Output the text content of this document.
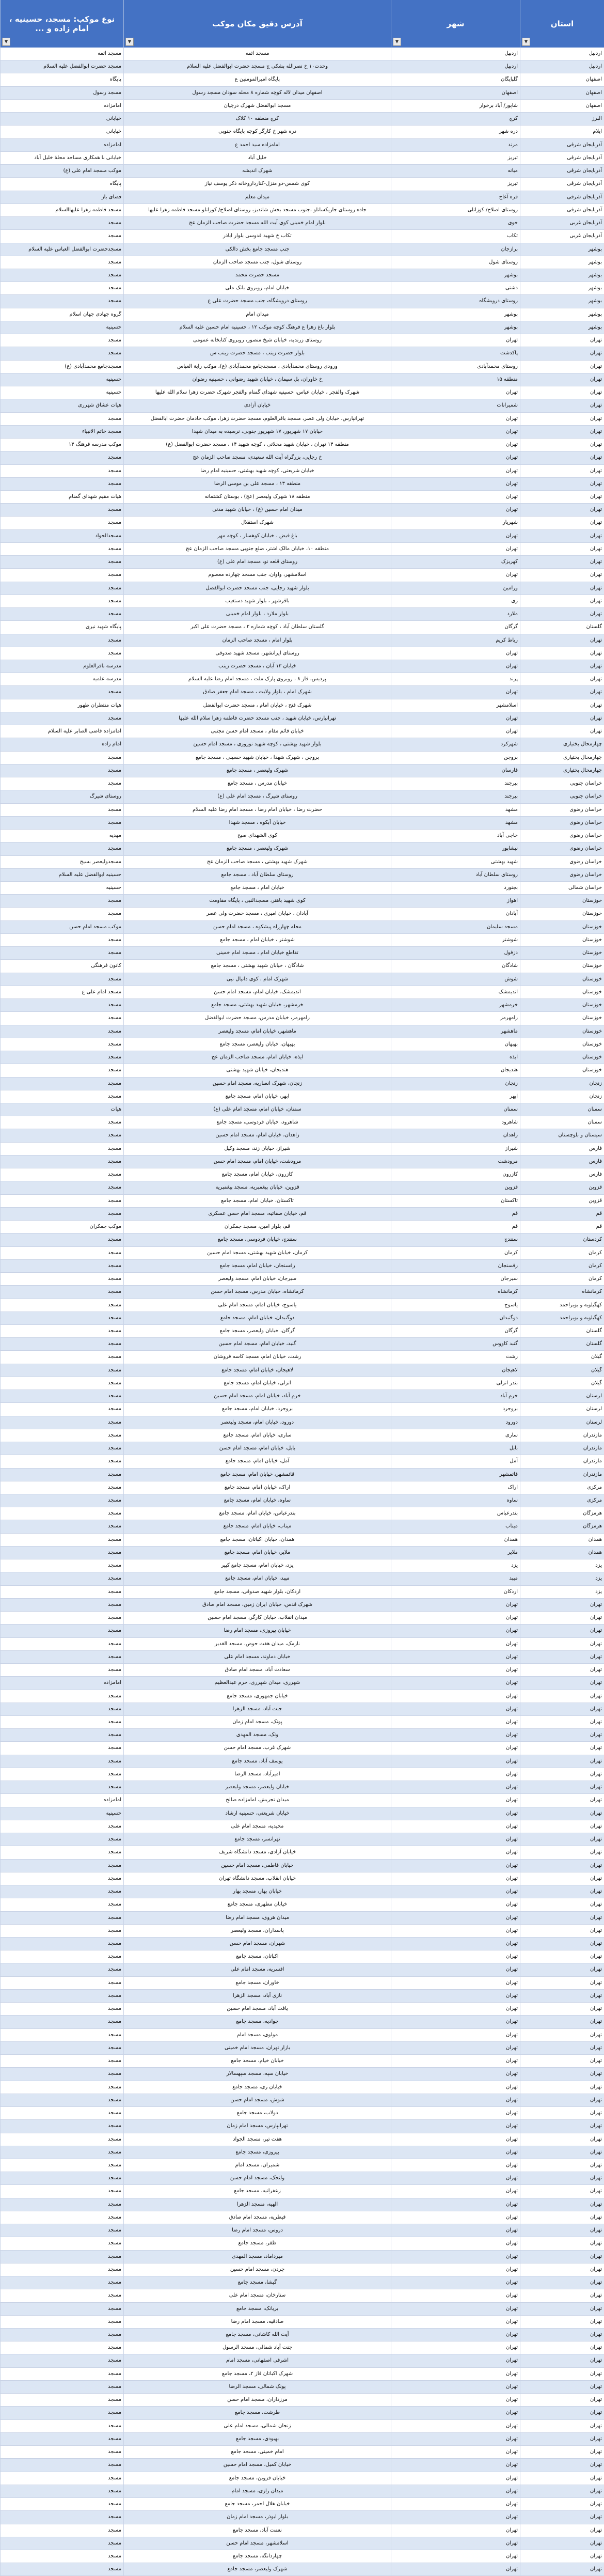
استان
▼
شهر
▼
آدرس دقیق مکان موکب
▼
نوع موکب: مسجد، حسینیه ، امام زاده و ...
▼
اردبیل
اردبیل
مسجد ائمه
مسجد ائمه
اردبیل
اردبیل
وحدت۱۰ خ نصرالله بشکی ج مسجد حضرت ابوالفضل علیه السلام
مسجد حضرت ابوالفضل علیه السلام
اصفهان
گلپایگان
پایگاه امیرالمومنین ع
پایگاه
اصفهان
اصفهان
اصفهان میدان لاله کوچه شماره ۸ محله سودان مسجد رسول
مسجد رسول
اصفهان
شاپور/ آباد برخوار
مسجد ابوالفضل شهرک درچیان
امامزاده
البرز
کرج
کرج منطقه ۱۰ کلاک
خیابانی
ایلام
دره شهر
دره شهر خ کارگر کوچه پایگاه جنوبی
خیابانی
آذربایجان شرقی
مرند
امامزاده سید احمد ع
امامزاده
آذربایجان شرقی
تبریز
خلیل آباد
خیابانی با همکاری مساجد محلهٔ خلیل آباد
آذربایجان شرقی
میانه
شهرک اندیشه
موکب مسجد امام علی (ع)
آذربایجان شرقی
تبریز
کوی شمس-دو منزل-کنارداروخانه ذکر یوسف نیاز
پایگاه
آذربایجان شرقی
قره آغاج
میدان معلم
فضای باز
آذربایجان شرقی
روستای اصلاح/ کوزانلی
جاده روستای جاریکسانلو ،جنوب مسجد بخش شاندیز، روستای اصلاح/ کوزانلو مسجد فاطمه زهرا علیها
مسجد فاطمه زهرا علیهاالسلام
آذربایجان غربی
خوی
بلوار امام خمینی کوی آیت الله مسجد حضرت صاحب الزمان عج
مسجد
آذربایجان غربی
تکاب
تکاب خ شهید قدوسی بلوار اباذر
مسجد
بوشهر
برازجان
جنب مسجد جامع بخش دالکی
مسجدحضرت ابوالفضل العباس علیه السلام
بوشهر
روستای شول
روستای شول، جنب مسجد صاحب الزمان
مسجد
بوشهر
بوشهر
مسجد حضرت محمد
مسجد
بوشهر
دشتی
خیابان امام، روبروی بانک ملی
مسجد
بوشهر
روستای درویشگاه
روستای درویشگاه، جنب مسجد حضرت علی ع
مسجد
بوشهر
بوشهر
میدان امام
گروه جهادی جهان اسلام
بوشهر
بوشهر
بلوار باغ زهرا ع فرهنگ کوچه موکب ۱۲ ، حسینیه امام حسین علیه السلام
حسینیه
تهران
تهران
روستای زرندیه، خیابان شیخ منصور، روبروی کتابخانه عمومی
مسجد
تهران
پاکدشت
بلوار حضرت زینب ، مسجد حضرت زینب س
مسجد
تهران
روستای محمدآبادی
ورودی روستای محمدآبادی ، مسجدجامع محمدآبادی (ع)، موکب رایة العباس
مسجدجامع محمدآبادی (ع)
تهران
منطقه ۱۵
خ خاوران، پل سیمان ، خیابان شهید رضوانی ، حسینیه رضوان
حسینیه
تهران
تهران
شهرک والفجر ، خیابان عباس، حسینیه شهدای گمنام والفجر شهرک حضرت زهرا سلام الله علیها
حسینیه
تهران
شمیرانات
خیابان آزادی
هیات عشاق شهرری
تهران
تهران
تهرانپارس، خیابان ولی عصر، مسجد باقرالعلوم، مسجد حضرت زهرا، موکب خادمان حضرت ابالفضل
مسجد
تهران
تهران
خیابان ۱۷ شهریور، ۱۷ شهریور جنوبی، نرسیده به میدان شهدا
مسجد خاتم الانبیاء
تهران
تهران
منطقه ۱۴ تهران ، خیابان شهید محلاتی ، کوچه شهید ۱۴ ، مسجد حضرت ابوالفضل (ع)
موکب مدرسه فرهنگ ۱۴
تهران
تهران
خ رجایی، بزرگراه آیت الله سعیدی، مسجد صاحب الزمان عج
مسجد
تهران
تهران
خیابان شریعتی، کوچه شهید بهشتی، حسینیه امام رضا
مسجد
تهران
تهران
منطقه ۱۳ ، مسجد علی بن موسی الرضا
مسجد
تهران
تهران
منطقه ۱۸ شهرک ولیعصر (عج) ، بوستان کشتمانه
هیات مقیم شهدای گمنام
تهران
تهران
میدان امام حسین (ع) ، خیابان شهید مدنی
مسجد
تهران
شهریار
شهرک استقلال
مسجد
تهران
تهران
باغ فیض ، خیابان کوهسار ، کوچه مهر
مسجدالجواد
تهران
تهران
منطقه ۱۰، خیابان مالک اشتر، ضلع جنوبی مسجد صاحب الزمان عج
مسجد
تهران
کهریزک
روستای قلعه نو، مسجد امام علی (ع)
مسجد
تهران
تهران
اسلامشهر، واوان، جنب مسجد چهارده معصوم
مسجد
تهران
ورامین
بلوار شهید رجایی، جنب مسجد حضرت ابوالفضل
مسجد
تهران
ری
باقرشهر ، بلوار شهید دستغیب
مسجد
تهران
ملارد
بلوار ملارد ، بلوار امام خمینی
مسجد
گلستان
گرگان
گلستان سلطان آباد ، کوچه شماره ۲ ، مسجد حضرت علی اکبر
پایگاه شهید نیری
تهران
رباط کریم
بلوار امام ، مسجد صاحب الزمان
مسجد
تهران
تهران
روستای ایرانشهر، مسجد شهید صدوقی
مسجد
تهران
تهران
خیابان ۱۳ آبان ، مسجد حضرت زینب
مدرسه باقرالعلوم
تهران
پرند
پردیس، فاز ۸ ، روبروی پارک ملت ، مسجد امام رضا علیه السلام
مدرسه علمیه
تهران
تهران
شهرک امام ، بلوار ولایت ، مسجد امام جعفر صادق
مسجد
تهران
اسلامشهر
شهرک فتح ، خیابان امام ، مسجد حضرت ابوالفضل
هیات منتظران ظهور
تهران
تهران
تهرانپارس، خیابان شهید ، جنب مسجد حضرت فاطمه زهرا سلام الله علیها
مسجد
تهران
تهران
خیابان قائم مقام ، مسجد امام حسن مجتبی
امامزاده قاضی الصابر علیه السلام
چهارمحال بختیاری
شهرکرد
بلوار شهید بهشتی ، کوچه شهید نوروزی ، مسجد امام حسین
امام زاده
چهارمحال بختیاری
بروجن
بروجن ، شهرک شهدا ، خیابان شهید حسینی ، مسجد جامع
مسجد
چهارمحال بختیاری
فارسان
شهرک ولیعصر ، مسجد جامع
مسجد
خراسان جنوبی
بیرجند
خیابان مدرس ، مسجد جامع
مسجد
خراسان جنوبی
بیرجند
روستای شیرگ ، مسجد امام علی (ع)
روستای شیرگ
خراسان رضوی
مشهد
حضرت رضا ، خیابان امام رضا ، مسجد امام رضا علیه السلام
مسجد
خراسان رضوی
مشهد
خیابان آبکوه ، مسجد شهدا
مسجد
خراسان رضوی
حاجی آباد
کوی الشهدای صبح
مهدیه
خراسان رضوی
نیشابور
شهرک ولیعصر ، مسجد جامع
مسجد
خراسان رضوی
شهید بهشتی
شهرک شهید بهشتی ، مسجد صاحب الزمان عج
مسجدولیعصر بسیج
خراسان رضوی
روستای سلطان آباد
روستای سلطان آباد ، مسجد جامع
حسینیه ابوالفضل علیه السلام
خراسان شمالی
بجنورد
خیابان امام ، مسجد جامع
حسینیه
خوزستان
اهواز
کوی شهید باهنر، مسجدالنبی ، پایگاه مقاومت
مسجد
خوزستان
آبادان
آبادان ، خیابان امیری ، مسجد حضرت ولی عصر
مسجد
خوزستان
مسجد سلیمان
محله چهارراه پیشکوه ، مسجد امام حسن
موکب مسجد امام حسن
خوزستان
شوشتر
شوشتر ، خیابان امام ، مسجد جامع
مسجد
خوزستان
دزفول
تقاطع خیابان امام ، مسجد امام خمینی
مسجد
خوزستان
شادگان
شادگان ، خیابان شهید بهشتی ، مسجد جامع
کانون فرهنگی
خوزستان
شوش
شهرک امام ، کوی دانیال نبی
مسجد
خوزستان
اندیمشک
اندیمشک، خیابان امام، مسجد امام حسن
مسجد امام علی ع
خوزستان
خرمشهر
خرمشهر، خیابان شهید بهشتی، مسجد جامع
مسجد
خوزستان
رامهرمز
رامهرمز، خیابان مدرس، مسجد حضرت ابوالفضل
مسجد
خوزستان
ماهشهر
ماهشهر، خیابان امام، مسجد ولیعصر
مسجد
خوزستان
بهبهان
بهبهان، خیابان ولیعصر، مسجد جامع
مسجد
خوزستان
ایذه
ایذه، خیابان امام، مسجد صاحب الزمان عج
مسجد
خوزستان
هندیجان
هندیجان، خیابان شهید بهشتی
مسجد
زنجان
زنجان
زنجان، شهرک انصاریه، مسجد امام حسین
مسجد
زنجان
ابهر
ابهر، خیابان امام، مسجد جامع
مسجد
سمنان
سمنان
سمنان، خیابان امام، مسجد امام علی (ع)
هیات
سمنان
شاهرود
شاهرود، خیابان فردوسی، مسجد جامع
مسجد
سیستان و بلوچستان
زاهدان
زاهدان، خیابان امام، مسجد امام حسین
مسجد
فارس
شیراز
شیراز، خیابان زند، مسجد وکیل
مسجد
فارس
مرودشت
مرودشت، خیابان امام، مسجد امام حسن
مسجد
فارس
کازرون
کازرون، خیابان امام، مسجد جامع
مسجد
قزوین
قزوین
قزوین، خیابان پیغمبریه، مسجد پیغمبریه
مسجد
قزوین
تاکستان
تاکستان، خیابان امام، مسجد جامع
مسجد
قم
قم
قم، خیابان صفائیه، مسجد امام حسن عسکری
مسجد
قم
قم
قم، بلوار امین، مسجد جمکران
موکب جمکران
کردستان
سنندج
سنندج، خیابان فردوسی، مسجد جامع
مسجد
کرمان
کرمان
کرمان، خیابان شهید بهشتی، مسجد امام حسین
مسجد
کرمان
رفسنجان
رفسنجان، خیابان امام، مسجد جامع
مسجد
کرمان
سیرجان
سیرجان، خیابان امام، مسجد ولیعصر
مسجد
کرمانشاه
کرمانشاه
کرمانشاه، خیابان مدرس، مسجد امام حسن
مسجد
کهگیلویه و بویراحمد
یاسوج
یاسوج، خیابان امام، مسجد امام علی
مسجد
کهگیلویه و بویراحمد
دوگنبدان
دوگنبدان، خیابان امام، مسجد جامع
مسجد
گلستان
گرگان
گرگان، خیابان ولیعصر، مسجد جامع
مسجد
گلستان
گنبد کاووس
گنبد، خیابان امام، مسجد امام حسین
مسجد
گیلان
رشت
رشت، خیابان امام، مسجد کاسه فروشان
مسجد
گیلان
لاهیجان
لاهیجان، خیابان امام، مسجد جامع
مسجد
گیلان
بندر انزلی
انزلی، خیابان امام، مسجد جامع
مسجد
لرستان
خرم آباد
خرم آباد، خیابان امام، مسجد امام حسین
مسجد
لرستان
بروجرد
بروجرد، خیابان امام، مسجد جامع
مسجد
لرستان
دورود
دورود، خیابان امام، مسجد ولیعصر
مسجد
مازندران
ساری
ساری، خیابان امام، مسجد جامع
مسجد
مازندران
بابل
بابل، خیابان امام، مسجد امام حسن
مسجد
مازندران
آمل
آمل، خیابان امام، مسجد جامع
مسجد
مازندران
قائمشهر
قائمشهر، خیابان امام، مسجد جامع
مسجد
مرکزی
اراک
اراک، خیابان امام، مسجد جامع
مسجد
مرکزی
ساوه
ساوه، خیابان امام، مسجد جامع
مسجد
هرمزگان
بندرعباس
بندرعباس، خیابان امام، مسجد جامع
مسجد
هرمزگان
میناب
میناب، خیابان امام، مسجد جامع
مسجد
همدان
همدان
همدان، خیابان اکباتان، مسجد جامع
مسجد
همدان
ملایر
ملایر، خیابان امام، مسجد جامع
مسجد
یزد
یزد
یزد، خیابان امام، مسجد جامع کبیر
مسجد
یزد
میبد
میبد، خیابان امام، مسجد جامع
مسجد
یزد
اردکان
اردکان، بلوار شهید صدوقی، مسجد جامع
مسجد
تهران
تهران
شهرک قدس، خیابان ایران زمین، مسجد امام صادق
مسجد
تهران
تهران
میدان انقلاب، خیابان کارگر، مسجد امام حسین
مسجد
تهران
تهران
خیابان پیروزی، مسجد امام رضا
مسجد
تهران
تهران
نارمک، میدان هفت حوض، مسجد الغدیر
مسجد
تهران
تهران
خیابان دماوند، مسجد امام علی
مسجد
تهران
تهران
سعادت آباد، مسجد امام صادق
مسجد
تهران
تهران
شهرری، میدان شهرری، حرم عبدالعظیم
امامزاده
تهران
تهران
خیابان جمهوری، مسجد جامع
مسجد
تهران
تهران
جنت آباد، مسجد الزهرا
مسجد
تهران
تهران
پونک، مسجد امام زمان
مسجد
تهران
تهران
ونک، مسجد المهدی
مسجد
تهران
تهران
شهرک غرب، مسجد امام حسن
مسجد
تهران
تهران
یوسف آباد، مسجد جامع
مسجد
تهران
تهران
امیرآباد، مسجد الرضا
مسجد
تهران
تهران
خیابان ولیعصر، مسجد ولیعصر
مسجد
تهران
تهران
میدان تجریش، امامزاده صالح
امامزاده
تهران
تهران
خیابان شریعتی، حسینیه ارشاد
حسینیه
تهران
تهران
مجیدیه، مسجد امام علی
مسجد
تهران
تهران
تهرانسر، مسجد جامع
مسجد
تهران
تهران
خیابان آزادی، مسجد دانشگاه شریف
مسجد
تهران
تهران
خیابان فاطمی، مسجد امام حسین
مسجد
تهران
تهران
خیابان انقلاب، مسجد دانشگاه تهران
مسجد
تهران
تهران
خیابان بهار، مسجد بهار
مسجد
تهران
تهران
خیابان مطهری، مسجد جامع
مسجد
تهران
تهران
میدان هروی، مسجد امام رضا
مسجد
تهران
تهران
پاسداران، مسجد ولیعصر
مسجد
تهران
تهران
شهران، مسجد امام حسن
مسجد
تهران
تهران
اکباتان، مسجد جامع
مسجد
تهران
تهران
افسریه، مسجد امام علی
مسجد
تهران
تهران
خاوران، مسجد جامع
مسجد
تهران
تهران
نازی آباد، مسجد الزهرا
مسجد
تهران
تهران
یافت آباد، مسجد امام حسین
مسجد
تهران
تهران
جوادیه، مسجد جامع
مسجد
تهران
تهران
مولوی، مسجد امام
مسجد
تهران
تهران
بازار تهران، مسجد امام خمینی
مسجد
تهران
تهران
خیابان خیام، مسجد جامع
مسجد
تهران
تهران
خیابان سپه، مسجد سپهسالار
مسجد
تهران
تهران
خیابان ری، مسجد جامع
مسجد
تهران
تهران
شوش، مسجد امام حسن
مسجد
تهران
تهران
دولاب، مسجد جامع
مسجد
تهران
تهران
تهرانپارس، مسجد امام زمان
مسجد
تهران
تهران
هفت تیر، مسجد الجواد
مسجد
تهران
تهران
پیروزی، مسجد جامع
مسجد
تهران
تهران
شمیران، مسجد امام
مسجد
تهران
تهران
ولنجک، مسجد امام حسن
مسجد
تهران
تهران
زعفرانیه، مسجد جامع
مسجد
تهران
تهران
الهیه، مسجد الزهرا
مسجد
تهران
تهران
قیطریه، مسجد امام صادق
مسجد
تهران
تهران
دروس، مسجد امام رضا
مسجد
تهران
تهران
ظفر، مسجد جامع
مسجد
تهران
تهران
میرداماد، مسجد المهدی
مسجد
تهران
تهران
جردن، مسجد امام حسین
مسجد
تهران
تهران
گیشا، مسجد جامع
مسجد
تهران
تهران
ستارخان، مسجد امام علی
مسجد
تهران
تهران
بریانک، مسجد جامع
مسجد
تهران
تهران
صادقیه، مسجد امام رضا
مسجد
تهران
تهران
آیت الله کاشانی، مسجد جامع
مسجد
تهران
تهران
جنت آباد شمالی، مسجد الرسول
مسجد
تهران
تهران
اشرفی اصفهانی، مسجد امام
مسجد
تهران
تهران
شهرک اکباتان فاز ۲، مسجد جامع
مسجد
تهران
تهران
پونک شمالی، مسجد الرضا
مسجد
تهران
تهران
مرزداران، مسجد امام حسن
مسجد
تهران
تهران
طرشت، مسجد جامع
مسجد
تهران
تهران
زنجان شمالی، مسجد امام علی
مسجد
تهران
تهران
بهبودی، مسجد جامع
مسجد
تهران
تهران
امام خمینی، مسجد جامع
مسجد
تهران
تهران
خیابان کمیل، مسجد امام حسین
مسجد
تهران
تهران
خیابان قزوین، مسجد جامع
مسجد
تهران
تهران
میدان رازی، مسجد امام
مسجد
تهران
تهران
خیابان هلال احمر، مسجد جامع
مسجد
تهران
تهران
بلوار ابوذر، مسجد امام زمان
مسجد
تهران
تهران
نعمت آباد، مسجد جامع
مسجد
تهران
تهران
اسلامشهر، مسجد امام حسن
مسجد
تهران
تهران
چهاردانگه، مسجد جامع
مسجد
تهران
تهران
شهرک ولیعصر، مسجد جامع
مسجد
